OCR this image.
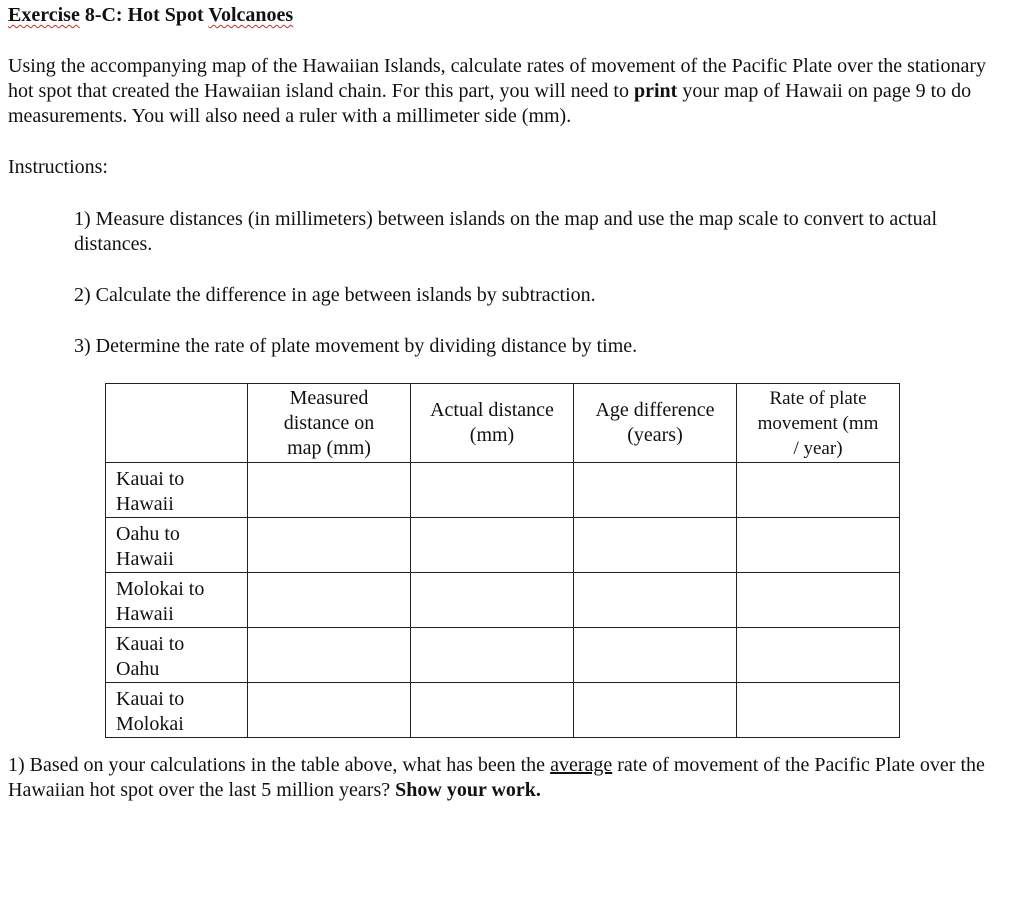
Exercise 8-C: Hot Spot Volcanoes

Using the accompanying map of the Hawaiian Islands, calculate rates of movement of the Pacific Plate over the stationary hot spot that created the Hawaiian island chain. For this part, you will need to print your map of Hawaii on page 9 to do measurements. You will also need a ruler with a millimeter side (mm).

Instructions:

1) Measure distances (in millimeters) between islands on the map and use the map scale to convert to actual distances.

2) Calculate the difference in age between islands by subtraction.

3) Determine the rate of plate movement by dividing distance by time.

	Measured distance on map (mm)	Actual distance (mm)	Age difference (years)	Rate of plate movement (mm / year)
Kauai to Hawaii				
Oahu to Hawaii				
Molokai to Hawaii				
Kauai to Oahu				
Kauai to Molokai				

1) Based on your calculations in the table above, what has been the average rate of movement of the Pacific Plate over the Hawaiian hot spot over the last 5 million years? Show your work.
